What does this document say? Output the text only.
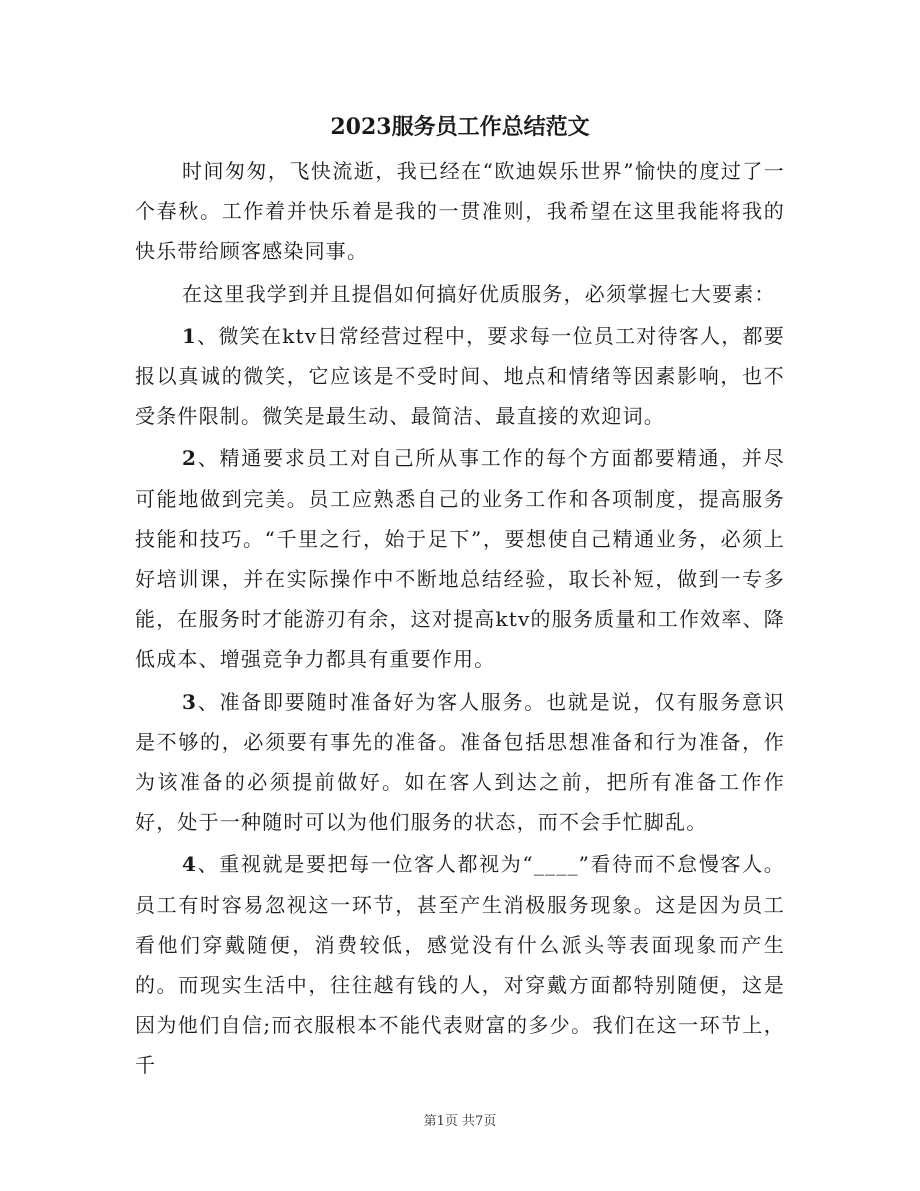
2023服务员工作总结范文

时间匆匆，飞快流逝，我已经在“欧迪娱乐世界”愉快的度过了一个春秋。工作着并快乐着是我的一贯准则，我希望在这里我能将我的快乐带给顾客感染同事。

在这里我学到并且提倡如何搞好优质服务，必须掌握七大要素：

1、微笑在ktv日常经营过程中，要求每一位员工对待客人，都要报以真诚的微笑，它应该是不受时间、地点和情绪等因素影响，也不受条件限制。微笑是最生动、最简洁、最直接的欢迎词。

2、精通要求员工对自己所从事工作的每个方面都要精通，并尽可能地做到完美。员工应熟悉自己的业务工作和各项制度，提高服务技能和技巧。“千里之行，始于足下”，要想使自己精通业务，必须上好培训课，并在实际操作中不断地总结经验，取长补短，做到一专多能，在服务时才能游刃有余，这对提高ktv的服务质量和工作效率、降低成本、增强竞争力都具有重要作用。

3、准备即要随时准备好为客人服务。也就是说，仅有服务意识是不够的，必须要有事先的准备。准备包括思想准备和行为准备，作为该准备的必须提前做好。如在客人到达之前，把所有准备工作作好，处于一种随时可以为他们服务的状态，而不会手忙脚乱。

4、重视就是要把每一位客人都视为“____”看待而不怠慢客人。员工有时容易忽视这一环节，甚至产生消极服务现象。这是因为员工看他们穿戴随便，消费较低，感觉没有什么派头等表面现象而产生的。而现实生活中，往往越有钱的人，对穿戴方面都特别随便，这是因为他们自信;而衣服根本不能代表财富的多少。我们在这一环节上，千

第1页 共7页
